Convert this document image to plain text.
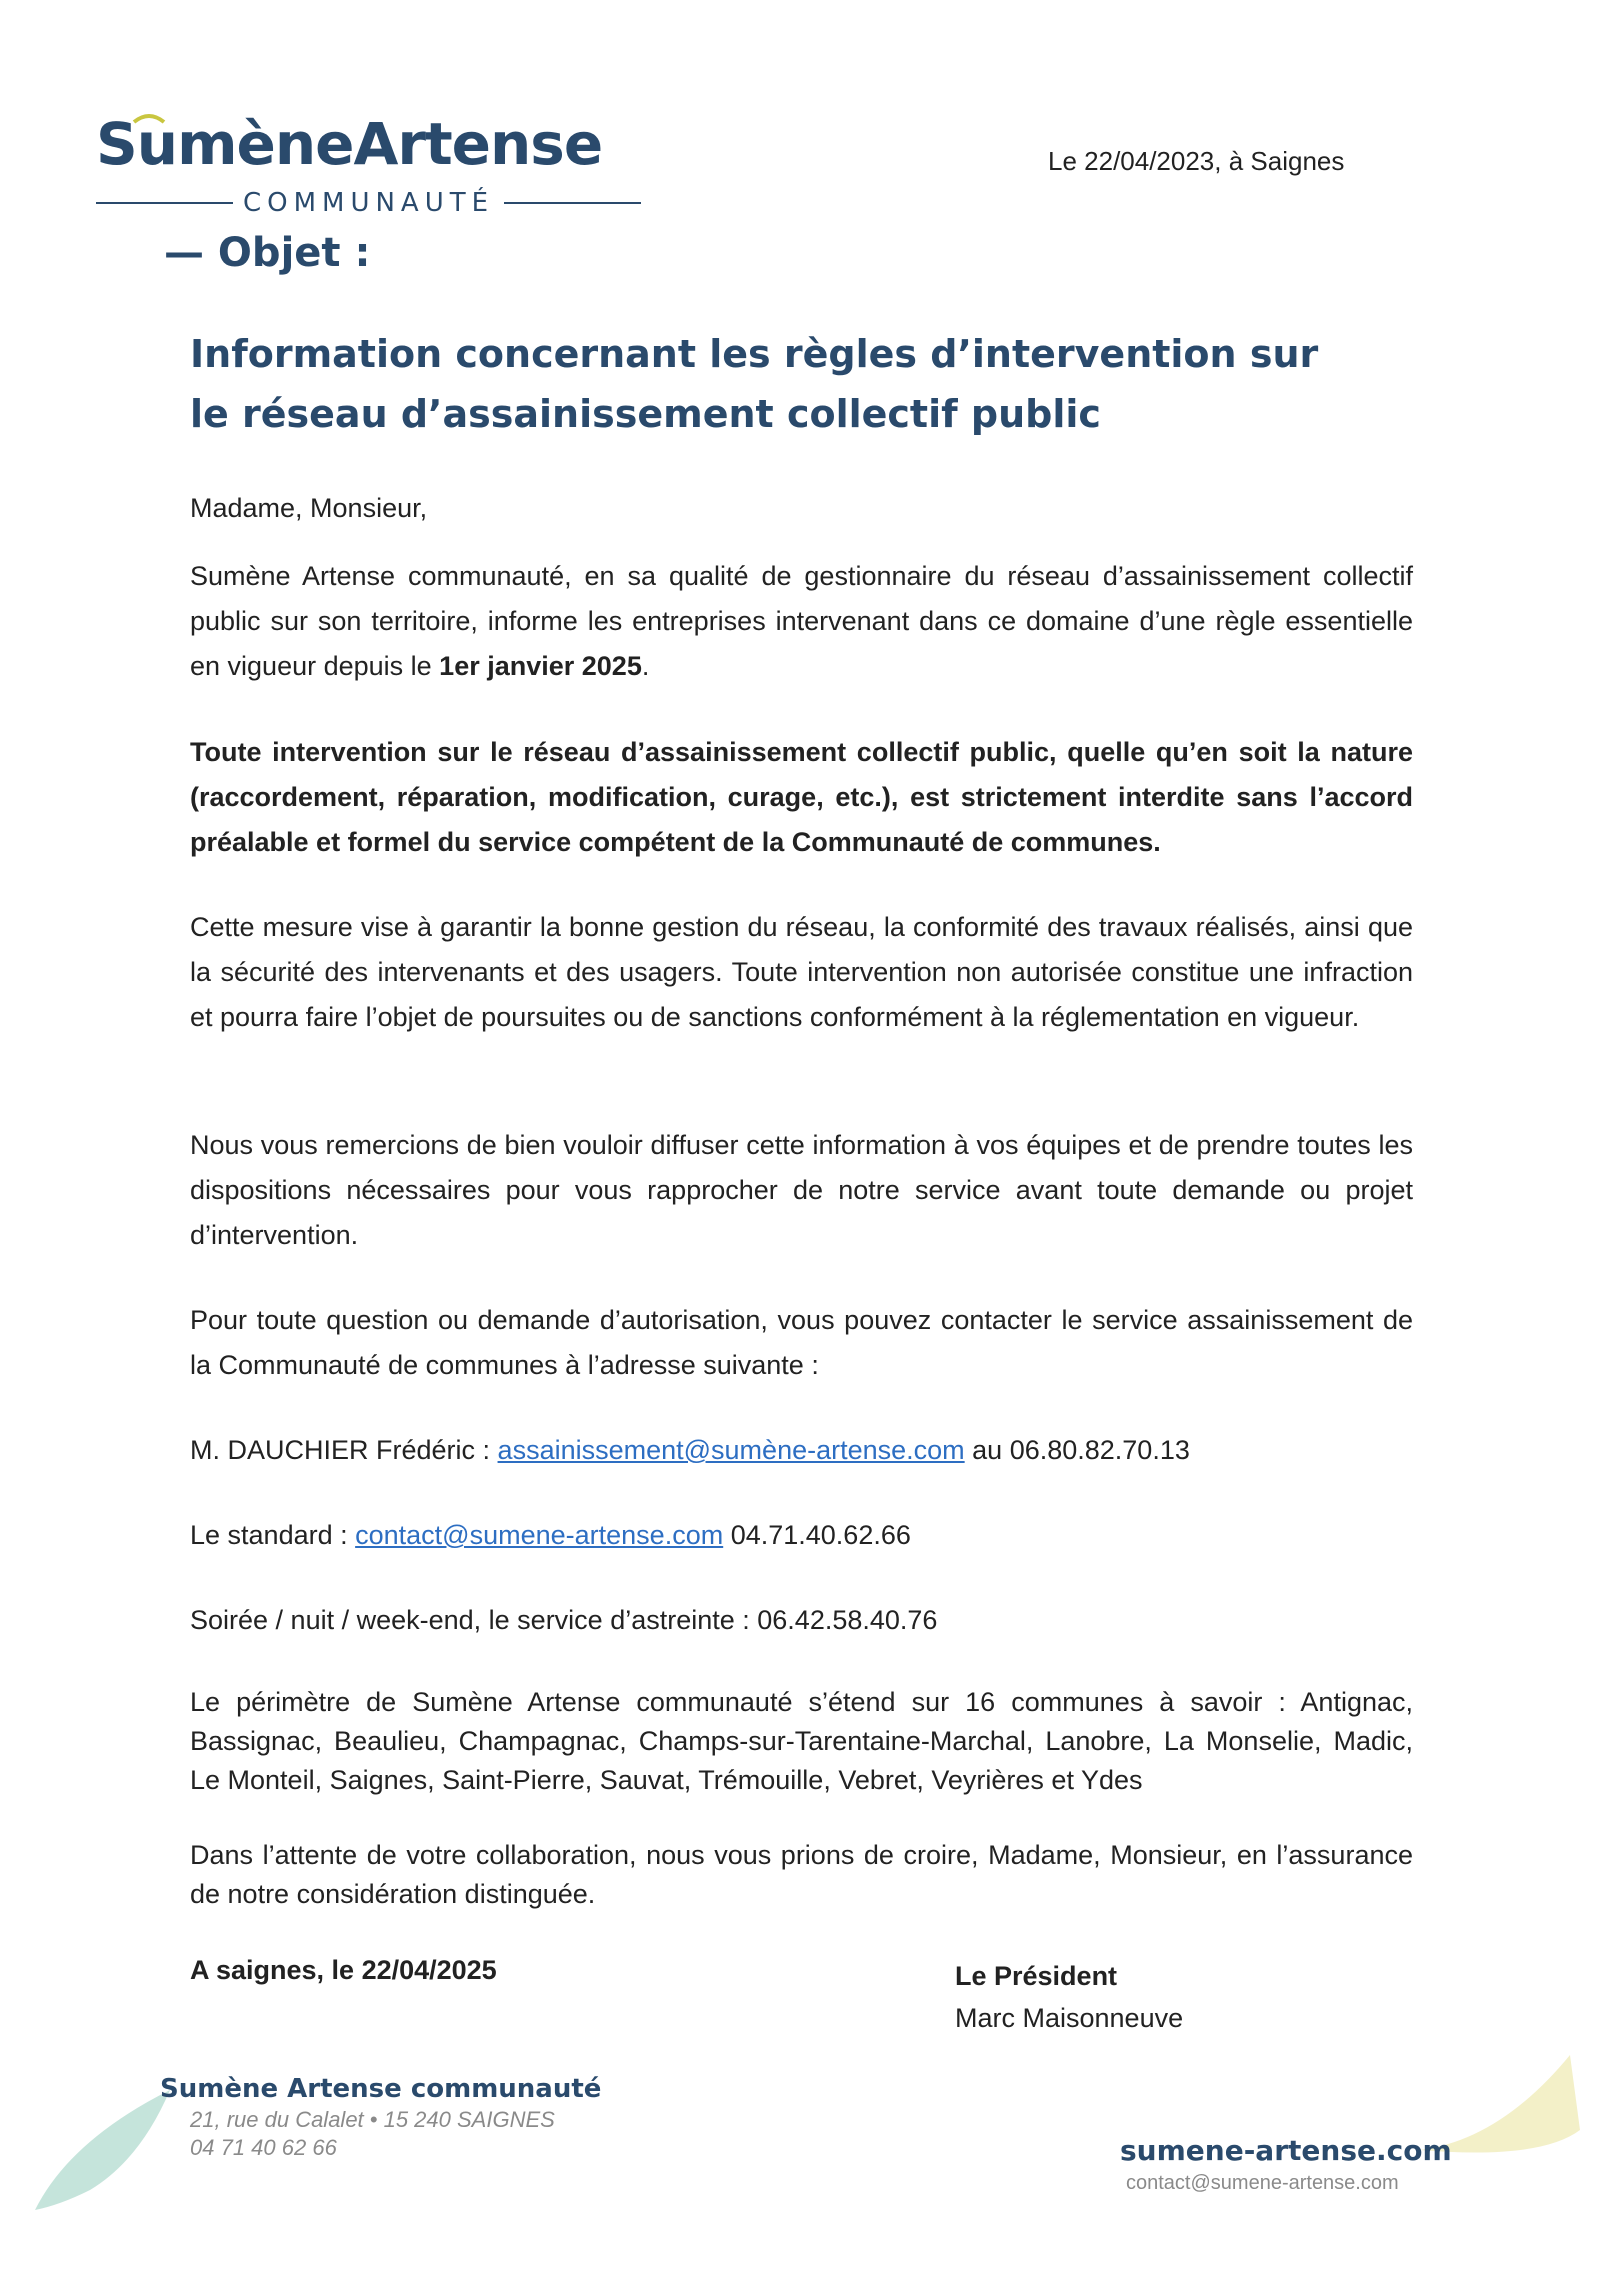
SumèneArtense
COMMUNAUTÉ
Le 22/04/2023, à Saignes
— Objet :
Information concernant les règles d’intervention sur le réseau d’assainissement collectif public
Madame, Monsieur,
Sumène Artense communauté, en sa qualité de gestionnaire du réseau d’assainissement collectif public sur son territoire, informe les entreprises intervenant dans ce domaine d’une règle essentielle en vigueur depuis le 1er janvier 2025.
Toute intervention sur le réseau d’assainissement collectif public, quelle qu’en soit la nature (raccordement, réparation, modification, curage, etc.), est strictement interdite sans l’accord préalable et formel du service compétent de la Communauté de communes.
Cette mesure vise à garantir la bonne gestion du réseau, la conformité des travaux réalisés, ainsi que la sécurité des intervenants et des usagers. Toute intervention non autorisée constitue une infraction et pourra faire l’objet de poursuites ou de sanctions conformément à la réglementation en vigueur.
Nous vous remercions de bien vouloir diffuser cette information à vos équipes et de prendre toutes les dispositions nécessaires pour vous rapprocher de notre service avant toute demande ou projet d’intervention.
Pour toute question ou demande d’autorisation, vous pouvez contacter le service assainissement de la Communauté de communes à l’adresse suivante :
M. DAUCHIER Frédéric : assainissement@sumène-artense.com au 06.80.82.70.13
Le standard : contact@sumene-artense.com 04.71.40.62.66
Soirée / nuit / week-end, le service d’astreinte : 06.42.58.40.76
Le périmètre de Sumène Artense communauté s’étend sur 16 communes à savoir : Antignac, Bassignac, Beaulieu, Champagnac, Champs-sur-Tarentaine-Marchal, Lanobre, La Monselie, Madic, Le Monteil, Saignes, Saint-Pierre, Sauvat, Trémouille, Vebret, Veyrières et Ydes
Dans l’attente de votre collaboration, nous vous prions de croire, Madame, Monsieur, en l’assurance de notre considération distinguée.
A saignes, le 22/04/2025	Le Président
Marc Maisonneuve
Sumène Artense communauté
21, rue du Calalet • 15 240 SAIGNES
04 71 40 62 66	sumene-artense.com
contact@sumene-artense.com
